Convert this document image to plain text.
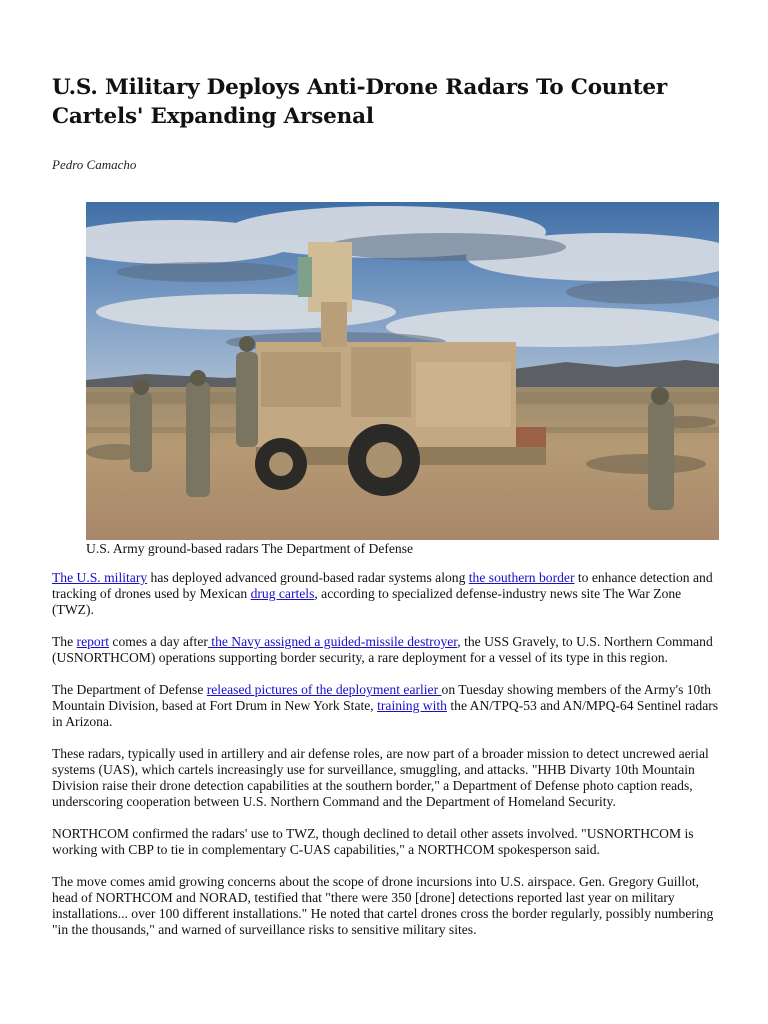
U.S. Military Deploys Anti-Drone Radars To Counter Cartels' Expanding Arsenal
Pedro Camacho
U.S. Army ground-based radars The Department of Defense

The U.S. military has deployed advanced ground-based radar systems along the southern border to enhance detection and tracking of drones used by Mexican drug cartels, according to specialized defense-industry news site The War Zone (TWZ).

The report comes a day after the Navy assigned a guided-missile destroyer, the USS Gravely, to U.S. Northern Command (USNORTHCOM) operations supporting border security, a rare deployment for a vessel of its type in this region.

The Department of Defense released pictures of the deployment earlier on Tuesday showing members of the Army's 10th Mountain Division, based at Fort Drum in New York State, training with the AN/TPQ-53 and AN/MPQ-64 Sentinel radars in Arizona.

These radars, typically used in artillery and air defense roles, are now part of a broader mission to detect uncrewed aerial systems (UAS), which cartels increasingly use for surveillance, smuggling, and attacks. "HHB Divarty 10th Mountain Division raise their drone detection capabilities at the southern border," a Department of Defense photo caption reads, underscoring cooperation between U.S. Northern Command and the Department of Homeland Security.

NORTHCOM confirmed the radars' use to TWZ, though declined to detail other assets involved. "USNORTHCOM is working with CBP to tie in complementary C-UAS capabilities," a NORTHCOM spokesperson said.

The move comes amid growing concerns about the scope of drone incursions into U.S. airspace. Gen. Gregory Guillot, head of NORTHCOM and NORAD, testified that "there were 350 [drone] detections reported last year on military installations... over 100 different installations." He noted that cartel drones cross the border regularly, possibly numbering "in the thousands," and warned of surveillance risks to sensitive military sites.
